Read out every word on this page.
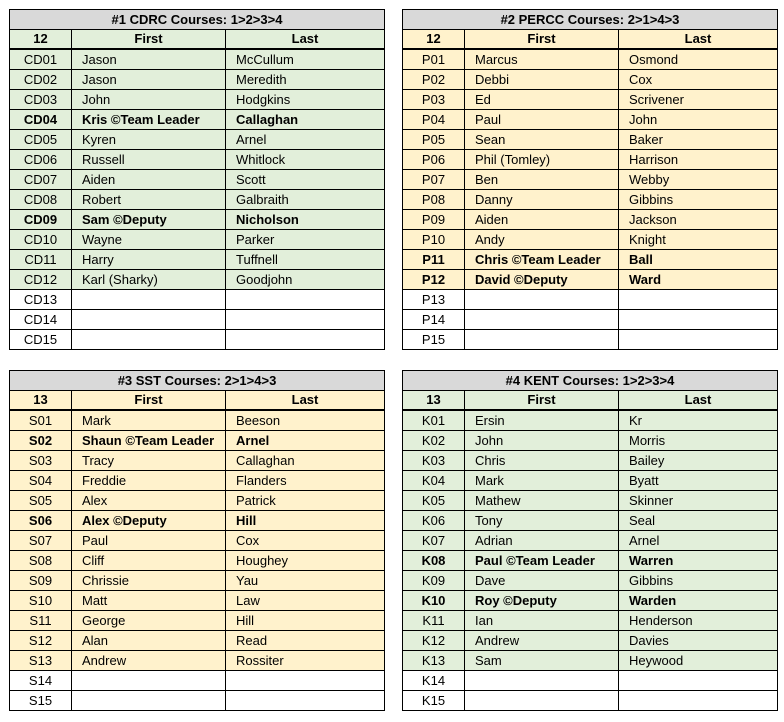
#1 CDRC Courses: 1>2>3>4		
12	First	Last
CD01	Jason	McCullum
CD02	Jason	Meredith
CD03	John	Hodgkins
CD04	Kris ©Team Leader	Callaghan
CD05	Kyren	Arnel
CD06	Russell	Whitlock
CD07	Aiden	Scott
CD08	Robert	Galbraith
CD09	Sam ©Deputy	Nicholson
CD10	Wayne	Parker
CD11	Harry	Tuffnell
CD12	Karl (Sharky)	Goodjohn
CD13		
CD14		
CD15		
#2 PERCC Courses: 2>1>4>3		
12	First	Last
P01	Marcus	Osmond
P02	Debbi	Cox
P03	Ed	Scrivener
P04	Paul	John
P05	Sean	Baker
P06	Phil (Tomley)	Harrison
P07	Ben	Webby
P08	Danny	Gibbins
P09	Aiden	Jackson
P10	Andy	Knight
P11	Chris ©Team Leader	Ball
P12	David ©Deputy	Ward
P13		
P14		
P15		
#3 SST Courses: 2>1>4>3		
13	First	Last
S01	Mark	Beeson
S02	Shaun ©Team Leader	Arnel
S03	Tracy	Callaghan
S04	Freddie	Flanders
S05	Alex	Patrick
S06	Alex ©Deputy	Hill
S07	Paul	Cox
S08	Cliff	Houghey
S09	Chrissie	Yau
S10	Matt	Law
S11	George	Hill
S12	Alan	Read
S13	Andrew	Rossiter
S14		
S15		
#4 KENT Courses: 1>2>3>4		
13	First	Last
K01	Ersin	Kr
K02	John	Morris
K03	Chris	Bailey
K04	Mark	Byatt
K05	Mathew	Skinner
K06	Tony	Seal
K07	Adrian	Arnel
K08	Paul ©Team Leader	Warren
K09	Dave	Gibbins
K10	Roy ©Deputy	Warden
K11	Ian	Henderson
K12	Andrew	Davies
K13	Sam	Heywood
K14		
K15		
